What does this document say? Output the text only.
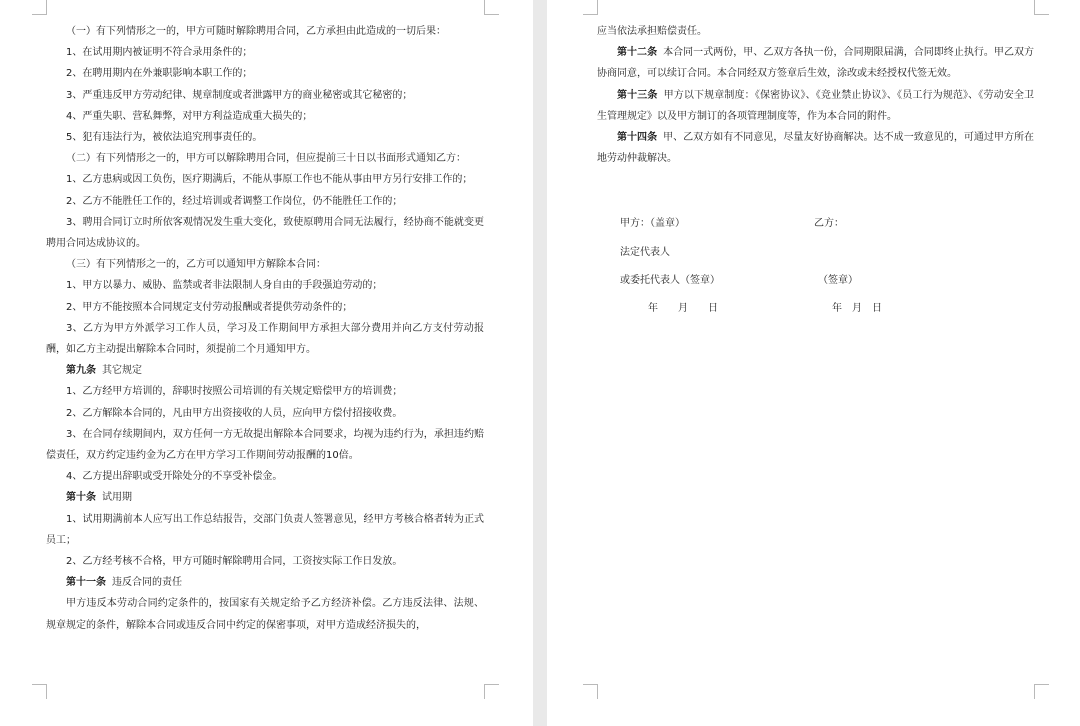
（一）有下列情形之一的，甲方可随时解除聘用合同，乙方承担由此造成的一切后果：

1、在试用期内被证明不符合录用条件的；

2、在聘用期内在外兼职影响本职工作的；

3、严重违反甲方劳动纪律、规章制度或者泄露甲方的商业秘密或其它秘密的；

4、严重失职、营私舞弊，对甲方利益造成重大损失的；

5、犯有违法行为，被依法追究刑事责任的。

（二）有下列情形之一的，甲方可以解除聘用合同，但应提前三十日以书面形式通知乙方：

1、乙方患病或因工负伤，医疗期满后，不能从事原工作也不能从事由甲方另行安排工作的；

2、乙方不能胜任工作的，经过培训或者调整工作岗位，仍不能胜任工作的；

3、聘用合同订立时所依客观情况发生重大变化，致使原聘用合同无法履行，经协商不能就变更聘用合同达成协议的。

（三）有下列情形之一的，乙方可以通知甲方解除本合同：

1、甲方以暴力、威胁、监禁或者非法限制人身自由的手段强迫劳动的；

2、甲方不能按照本合同规定支付劳动报酬或者提供劳动条件的；

3、乙方为甲方外派学习工作人员，学习及工作期间甲方承担大部分费用并向乙方支付劳动报酬，如乙方主动提出解除本合同时，须提前二个月通知甲方。

第九条 其它规定

1、乙方经甲方培训的，辞职时按照公司培训的有关规定赔偿甲方的培训费；

2、乙方解除本合同的，凡由甲方出资接收的人员，应向甲方偿付招接收费。

3、在合同存续期间内，双方任何一方无故提出解除本合同要求，均视为违约行为，承担违约赔偿责任，双方约定违约金为乙方在甲方学习工作期间劳动报酬的10倍。

4、乙方提出辞职或受开除处分的不享受补偿金。

第十条 试用期

1、试用期满前本人应写出工作总结报告，交部门负责人签署意见，经甲方考核合格者转为正式员工；

2、乙方经考核不合格，甲方可随时解除聘用合同，工资按实际工作日发放。

第十一条 违反合同的责任

甲方违反本劳动合同约定条件的，按国家有关规定给予乙方经济补偿。乙方违反法律、法规、规章规定的条件，解除本合同或违反合同中约定的保密事项，对甲方造成经济损失的，

应当依法承担赔偿责任。

第十二条 本合同一式两份，甲、乙双方各执一份，合同期限届满，合同即终止执行。甲乙双方协商同意，可以续订合同。本合同经双方签章后生效，涂改或未经授权代签无效。

第十三条 甲方以下规章制度：《保密协议》、《竞业禁止协议》、《员工行为规范》、《劳动安全卫生管理规定》以及甲方制订的各项管理制度等，作为本合同的附件。

第十四条 甲、乙双方如有不同意见，尽量友好协商解决。达不成一致意见的，可通过甲方所在地劳动仲裁解决。

甲方：（盖章）	乙方：
法定代表人
或委托代表人（签章）	（签章）
年　　月　　日	年　月　日
